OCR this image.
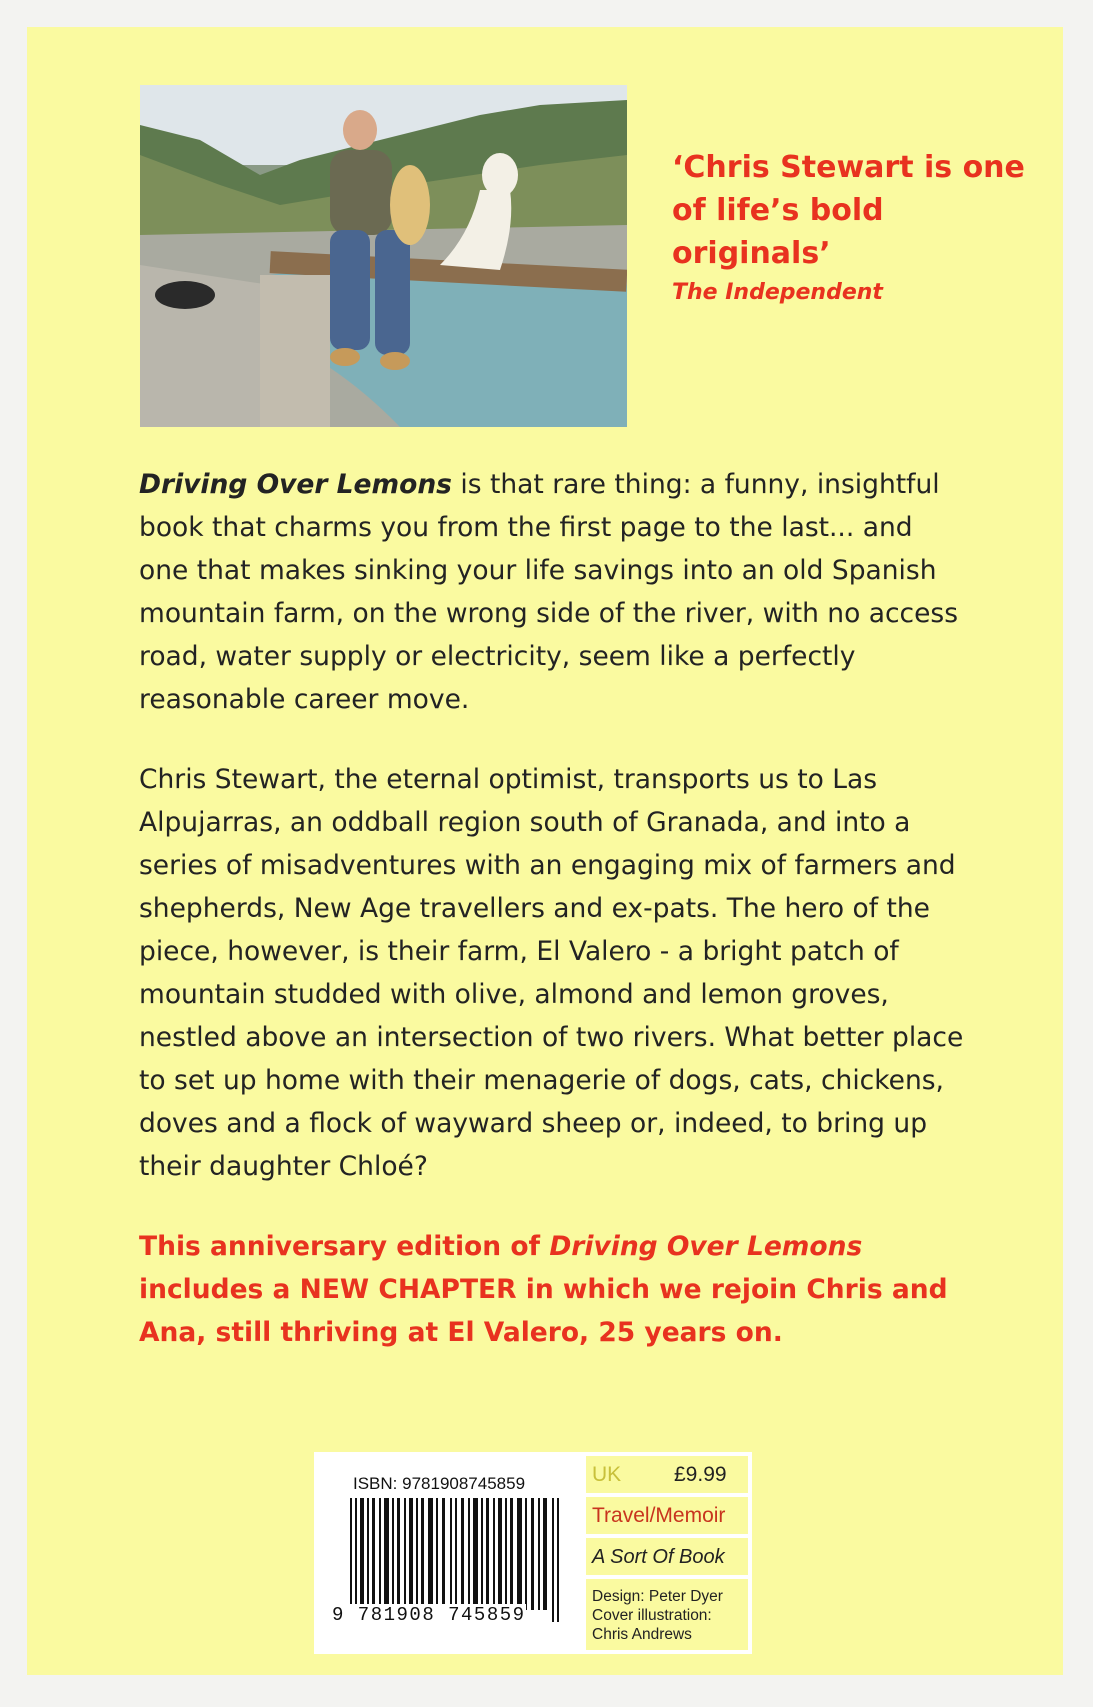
‘Chris Stewart is one of life’s bold originals’
The Independent

Driving Over Lemons is that rare thing: a funny, insightful book that charms you from the first page to the last... and one that makes sinking your life savings into an old Spanish mountain farm, on the wrong side of the river, with no access road, water supply or electricity, seem like a perfectly reasonable career move.

Chris Stewart, the eternal optimist, transports us to Las Alpujarras, an oddball region south of Granada, and into a series of misadventures with an engaging mix of farmers and shepherds, New Age travellers and ex-pats. The hero of the piece, however, is their farm, El Valero - a bright patch of mountain studded with olive, almond and lemon groves, nestled above an intersection of two rivers. What better place to set up home with their menagerie of dogs, cats, chickens, doves and a flock of wayward sheep or, indeed, to bring up their daughter Chloé?

This anniversary edition of Driving Over Lemons includes a NEW CHAPTER in which we rejoin Chris and Ana, still thriving at El Valero, 25 years on.

ISBN: 9781908745859
9 781908 745859
UK	£9.99
Travel/Memoir
A Sort Of Book
Design: Peter Dyer Cover illustration: Chris Andrews
